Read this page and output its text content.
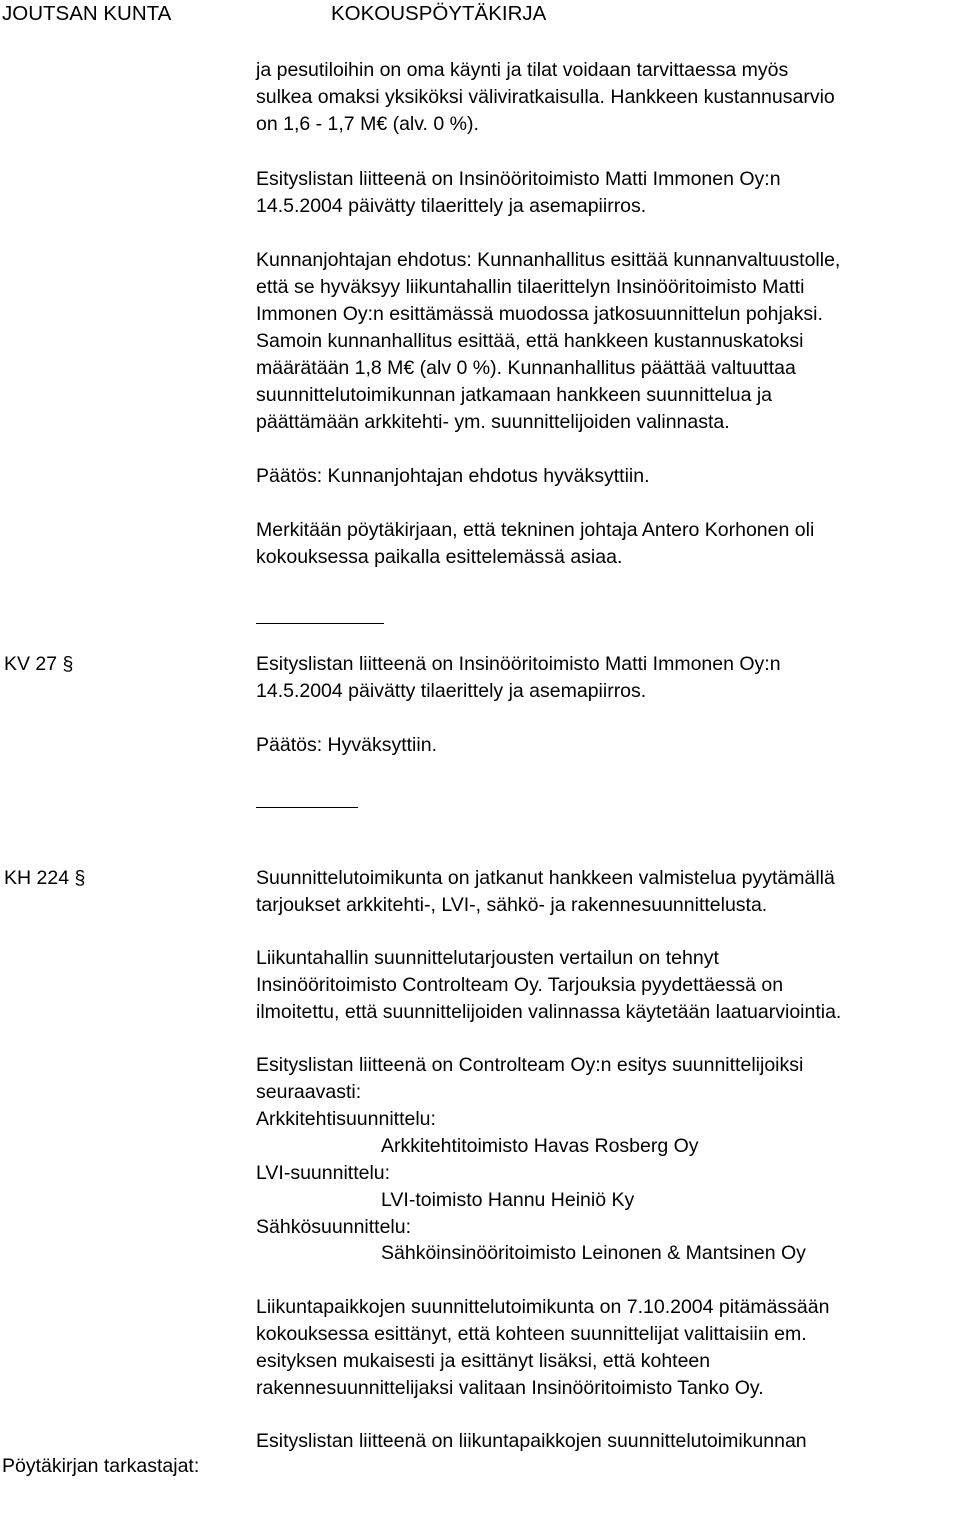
JOUTSAN KUNTA	KOKOUSPÖYTÄKIRJA
ja pesutiloihin on oma käynti ja tilat voidaan tarvittaessa myös
sulkea omaksi yksiköksi väliviratkaisulla. Hankkeen kustannusarvio
on 1,6 - 1,7 M€ (alv. 0 %).
Esityslistan liitteenä on Insinööritoimisto Matti Immonen Oy:n
14.5.2004 päivätty tilaerittely ja asemapiirros.
Kunnanjohtajan ehdotus: Kunnanhallitus esittää kunnanvaltuustolle,
että se hyväksyy liikuntahallin tilaerittelyn Insinööritoimisto Matti
Immonen Oy:n esittämässä muodossa jatkosuunnittelun pohjaksi.
Samoin kunnanhallitus esittää, että hankkeen kustannuskatoksi
määrätään 1,8 M€ (alv 0 %). Kunnanhallitus päättää valtuuttaa
suunnittelutoimikunnan jatkamaan hankkeen suunnittelua ja
päättämään arkkitehti- ym. suunnittelijoiden valinnasta.
Päätös: Kunnanjohtajan ehdotus hyväksyttiin.
Merkitään pöytäkirjaan, että tekninen johtaja Antero Korhonen oli
kokouksessa paikalla esittelemässä asiaa.
KV 27 §	Esityslistan liitteenä on Insinööritoimisto Matti Immonen Oy:n
14.5.2004 päivätty tilaerittely ja asemapiirros.
Päätös: Hyväksyttiin.
KH 224 §	Suunnittelutoimikunta on jatkanut hankkeen valmistelua pyytämällä
tarjoukset arkkitehti-, LVI-, sähkö- ja rakennesuunnittelusta.
Liikuntahallin suunnittelutarjousten vertailun on tehnyt
Insinööritoimisto Controlteam Oy. Tarjouksia pyydettäessä on
ilmoitettu, että suunnittelijoiden valinnassa käytetään laatuarviointia.
Esityslistan liitteenä on Controlteam Oy:n esitys suunnittelijoiksi
seuraavasti:
Arkkitehtisuunnittelu:
Arkkitehtitoimisto Havas Rosberg Oy
LVI-suunnittelu:
LVI-toimisto Hannu Heiniö Ky
Sähkösuunnittelu:
Sähköinsinööritoimisto Leinonen & Mantsinen Oy
Liikuntapaikkojen suunnittelutoimikunta on 7.10.2004 pitämässään
kokouksessa esittänyt, että kohteen suunnittelijat valittaisiin em.
esityksen mukaisesti ja esittänyt lisäksi, että kohteen
rakennesuunnittelijaksi valitaan Insinööritoimisto Tanko Oy.
Esityslistan liitteenä on liikuntapaikkojen suunnittelutoimikunnan
Pöytäkirjan tarkastajat:
